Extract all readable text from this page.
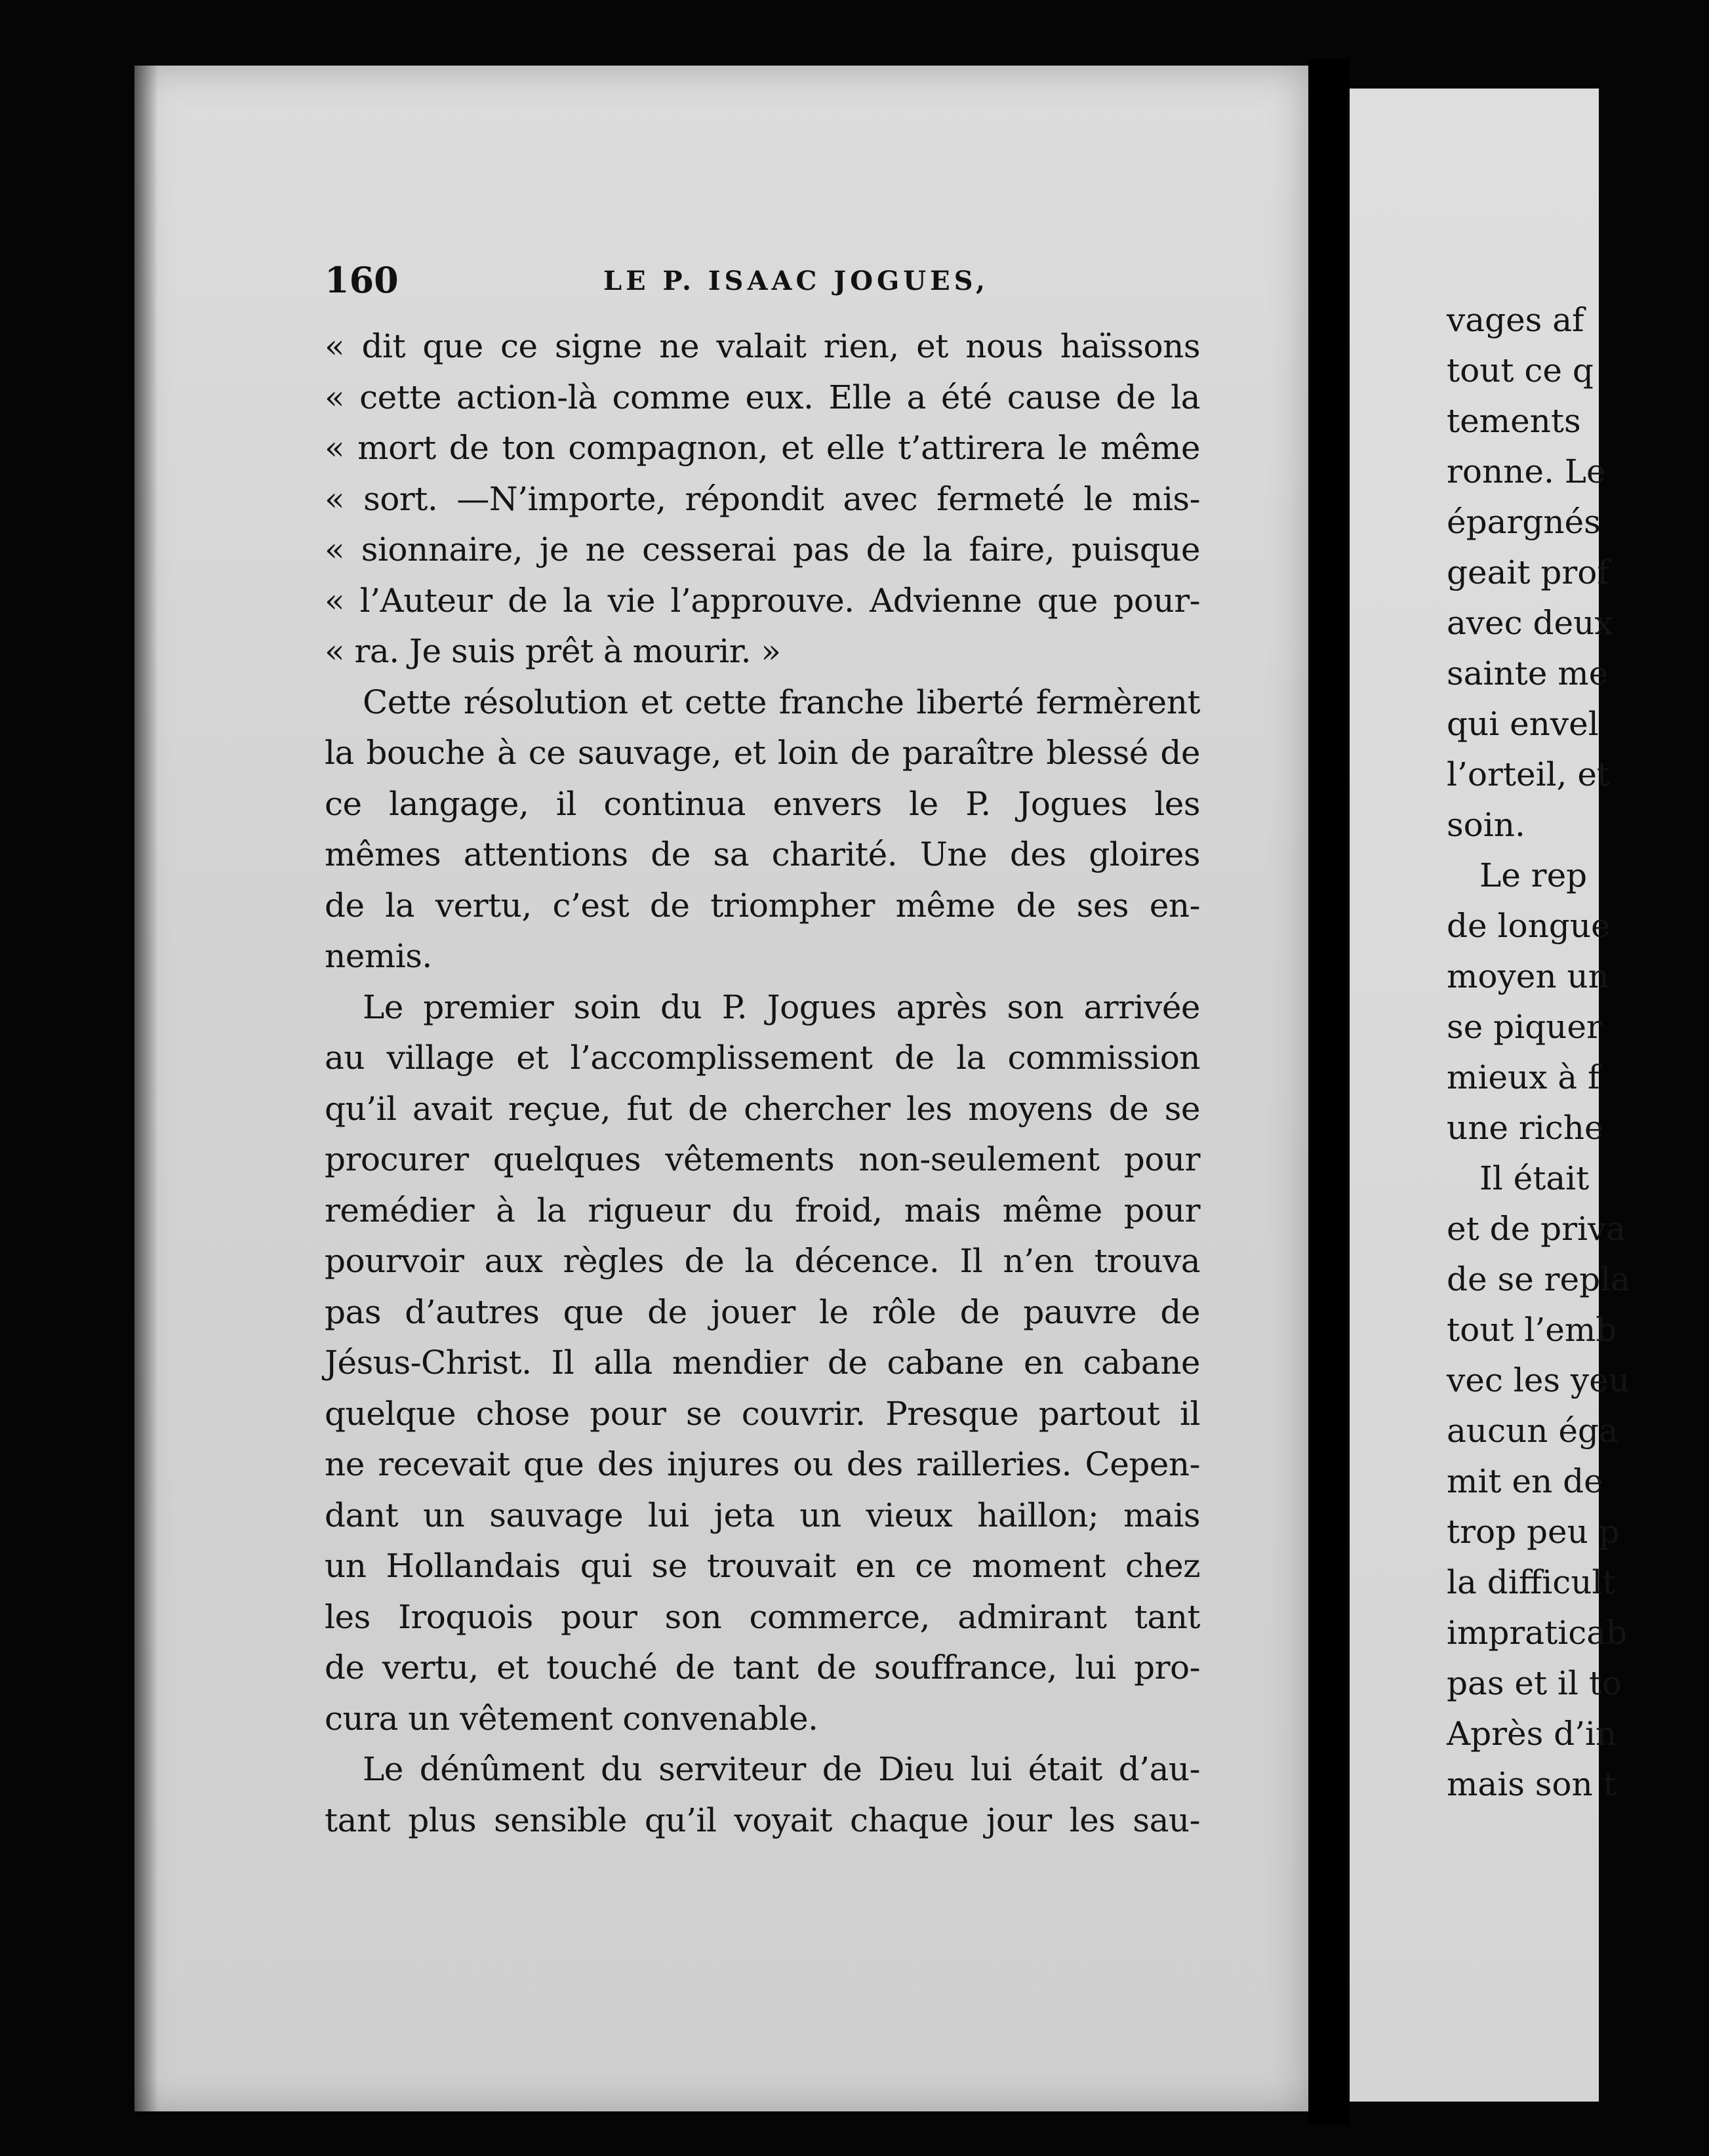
vages af
tout ce q
tements
ronne. Le
épargnés
geait prof
avec deux
sainte me
qui envel
l’orteil, et
soin.
Le rep
de longue
moyen un
se piquer
mieux à f
une riche
Il était
et de priva
de se repla
tout l’emb
vec les yeu
aucun éga
mit en de
trop peu p
la difficult
impraticab
pas et il to
Après d’in
mais son t
160	LE P. ISAAC JOGUES,
« dit que ce signe ne valait rien, et nous haïssons
« cette action-là comme eux. Elle a été cause de la
« mort de ton compagnon, et elle t’attirera le même
« sort. —N’importe, répondit avec fermeté le mis-
« sionnaire, je ne cesserai pas de la faire, puisque
« l’Auteur de la vie l’approuve. Advienne que pour-
« ra. Je suis prêt à mourir. »
Cette résolution et cette franche liberté fermèrent
la bouche à ce sauvage, et loin de paraître blessé de
ce langage, il continua envers le P. Jogues les
mêmes attentions de sa charité. Une des gloires
de la vertu, c’est de triompher même de ses en-
nemis.
Le premier soin du P. Jogues après son arrivée
au village et l’accomplissement de la commission
qu’il avait reçue, fut de chercher les moyens de se
procurer quelques vêtements non-seulement pour
remédier à la rigueur du froid, mais même pour
pourvoir aux règles de la décence. Il n’en trouva
pas d’autres que de jouer le rôle de pauvre de
Jésus-Christ. Il alla mendier de cabane en cabane
quelque chose pour se couvrir. Presque partout il
ne recevait que des injures ou des railleries. Cepen-
dant un sauvage lui jeta un vieux haillon; mais
un Hollandais qui se trouvait en ce moment chez
les Iroquois pour son commerce, admirant tant
de vertu, et touché de tant de souffrance, lui pro-
cura un vêtement convenable.
Le dénûment du serviteur de Dieu lui était d’au-
tant plus sensible qu’il voyait chaque jour les sau-
